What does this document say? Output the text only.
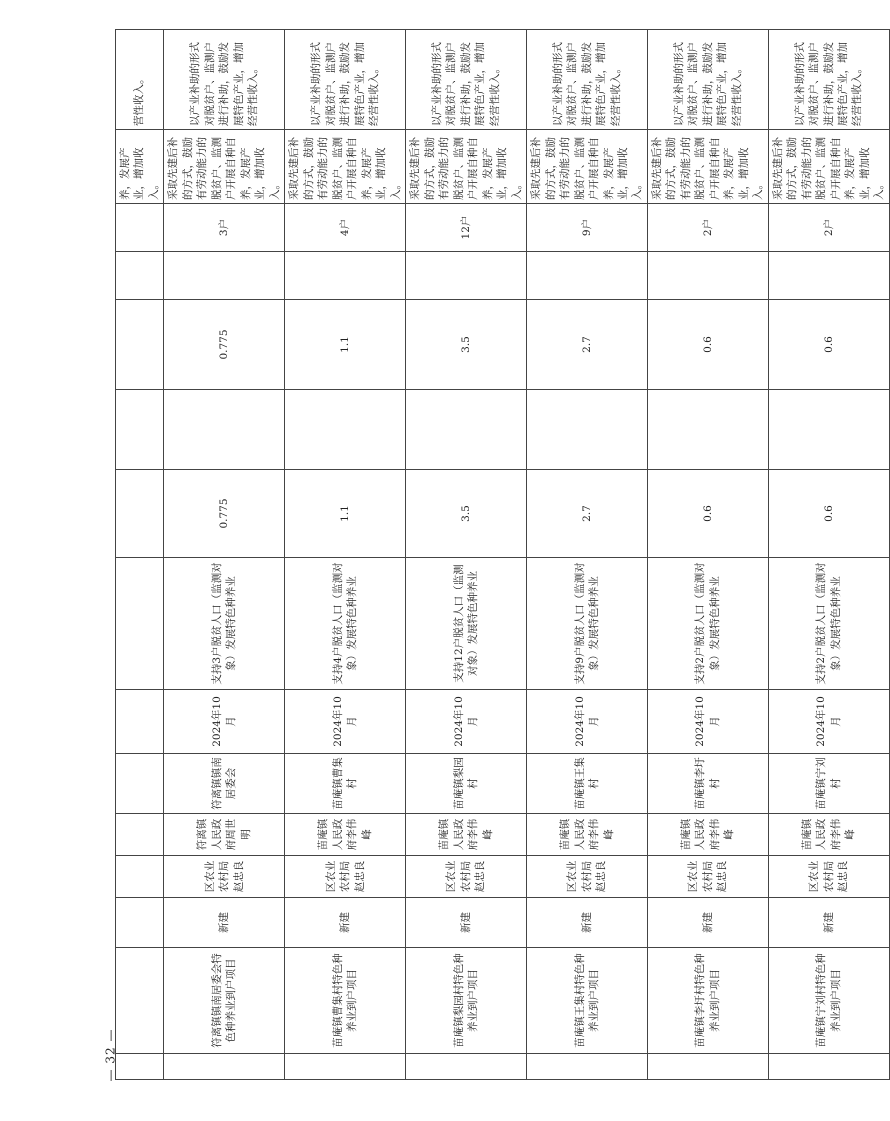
													养，发展产业，增加收入。	营性收入。
	符离镇镇南居委会特色种养业到户项目	新建	区农业农村局赵忠良	符离镇人民政府周世明	符离镇镇南居委会	2024年10月	支持3户脱贫人口（监测对象）发展特色种养业	0.775		0.775		3户	采取先建后补的方式，鼓励有劳动能力的脱贫户、监测户开展自种自养，发展产业，增加收入。	以产业补助的形式对脱贫户、监测户进行补助，鼓励发展特色产业，增加经营性收入。
	苗庵镇曹集村特色种养业到户项目	新建	区农业农村局赵忠良	苗庵镇人民政府李伟峰	苗庵镇曹集村	2024年10月	支持4户脱贫人口（监测对象）发展特色种养业	1.1		1.1		4户	采取先建后补的方式，鼓励有劳动能力的脱贫户、监测户开展自种自养，发展产业，增加收入。	以产业补助的形式对脱贫户、监测户进行补助，鼓励发展特色产业，增加经营性收入。
	苗庵镇梨园村特色种养业到户项目	新建	区农业农村局赵忠良	苗庵镇人民政府李伟峰	苗庵镇梨园村	2024年10月	支持12户脱贫人口（监测对象）发展特色种养业	3.5		3.5		12户	采取先建后补的方式，鼓励有劳动能力的脱贫户、监测户开展自种自养，发展产业，增加收入。	以产业补助的形式对脱贫户、监测户进行补助，鼓励发展特色产业，增加经营性收入。
	苗庵镇王集村特色种养业到户项目	新建	区农业农村局赵忠良	苗庵镇人民政府李伟峰	苗庵镇王集村	2024年10月	支持9户脱贫人口（监测对象）发展特色种养业	2.7		2.7		9户	采取先建后补的方式，鼓励有劳动能力的脱贫户、监测户开展自种自养，发展产业，增加收入。	以产业补助的形式对脱贫户、监测户进行补助，鼓励发展特色产业，增加经营性收入。
	苗庵镇李圩村特色种养业到户项目	新建	区农业农村局赵忠良	苗庵镇人民政府李伟峰	苗庵镇李圩村	2024年10月	支持2户脱贫人口（监测对象）发展特色种养业	0.6		0.6		2户	采取先建后补的方式，鼓励有劳动能力的脱贫户、监测户开展自种自养，发展产业，增加收入。	以产业补助的形式对脱贫户、监测户进行补助，鼓励发展特色产业，增加经营性收入。
	苗庵镇宁刘村特色种养业到户项目	新建	区农业农村局赵忠良	苗庵镇人民政府李伟峰	苗庵镇宁刘村	2024年10月	支持2户脱贫人口（监测对象）发展特色种养业	0.6		0.6		2户	采取先建后补的方式，鼓励有劳动能力的脱贫户、监测户开展自种自养，发展产业，增加收入。	以产业补助的形式对脱贫户、监测户进行补助，鼓励发展特色产业，增加经营性收入。
— 32 —
